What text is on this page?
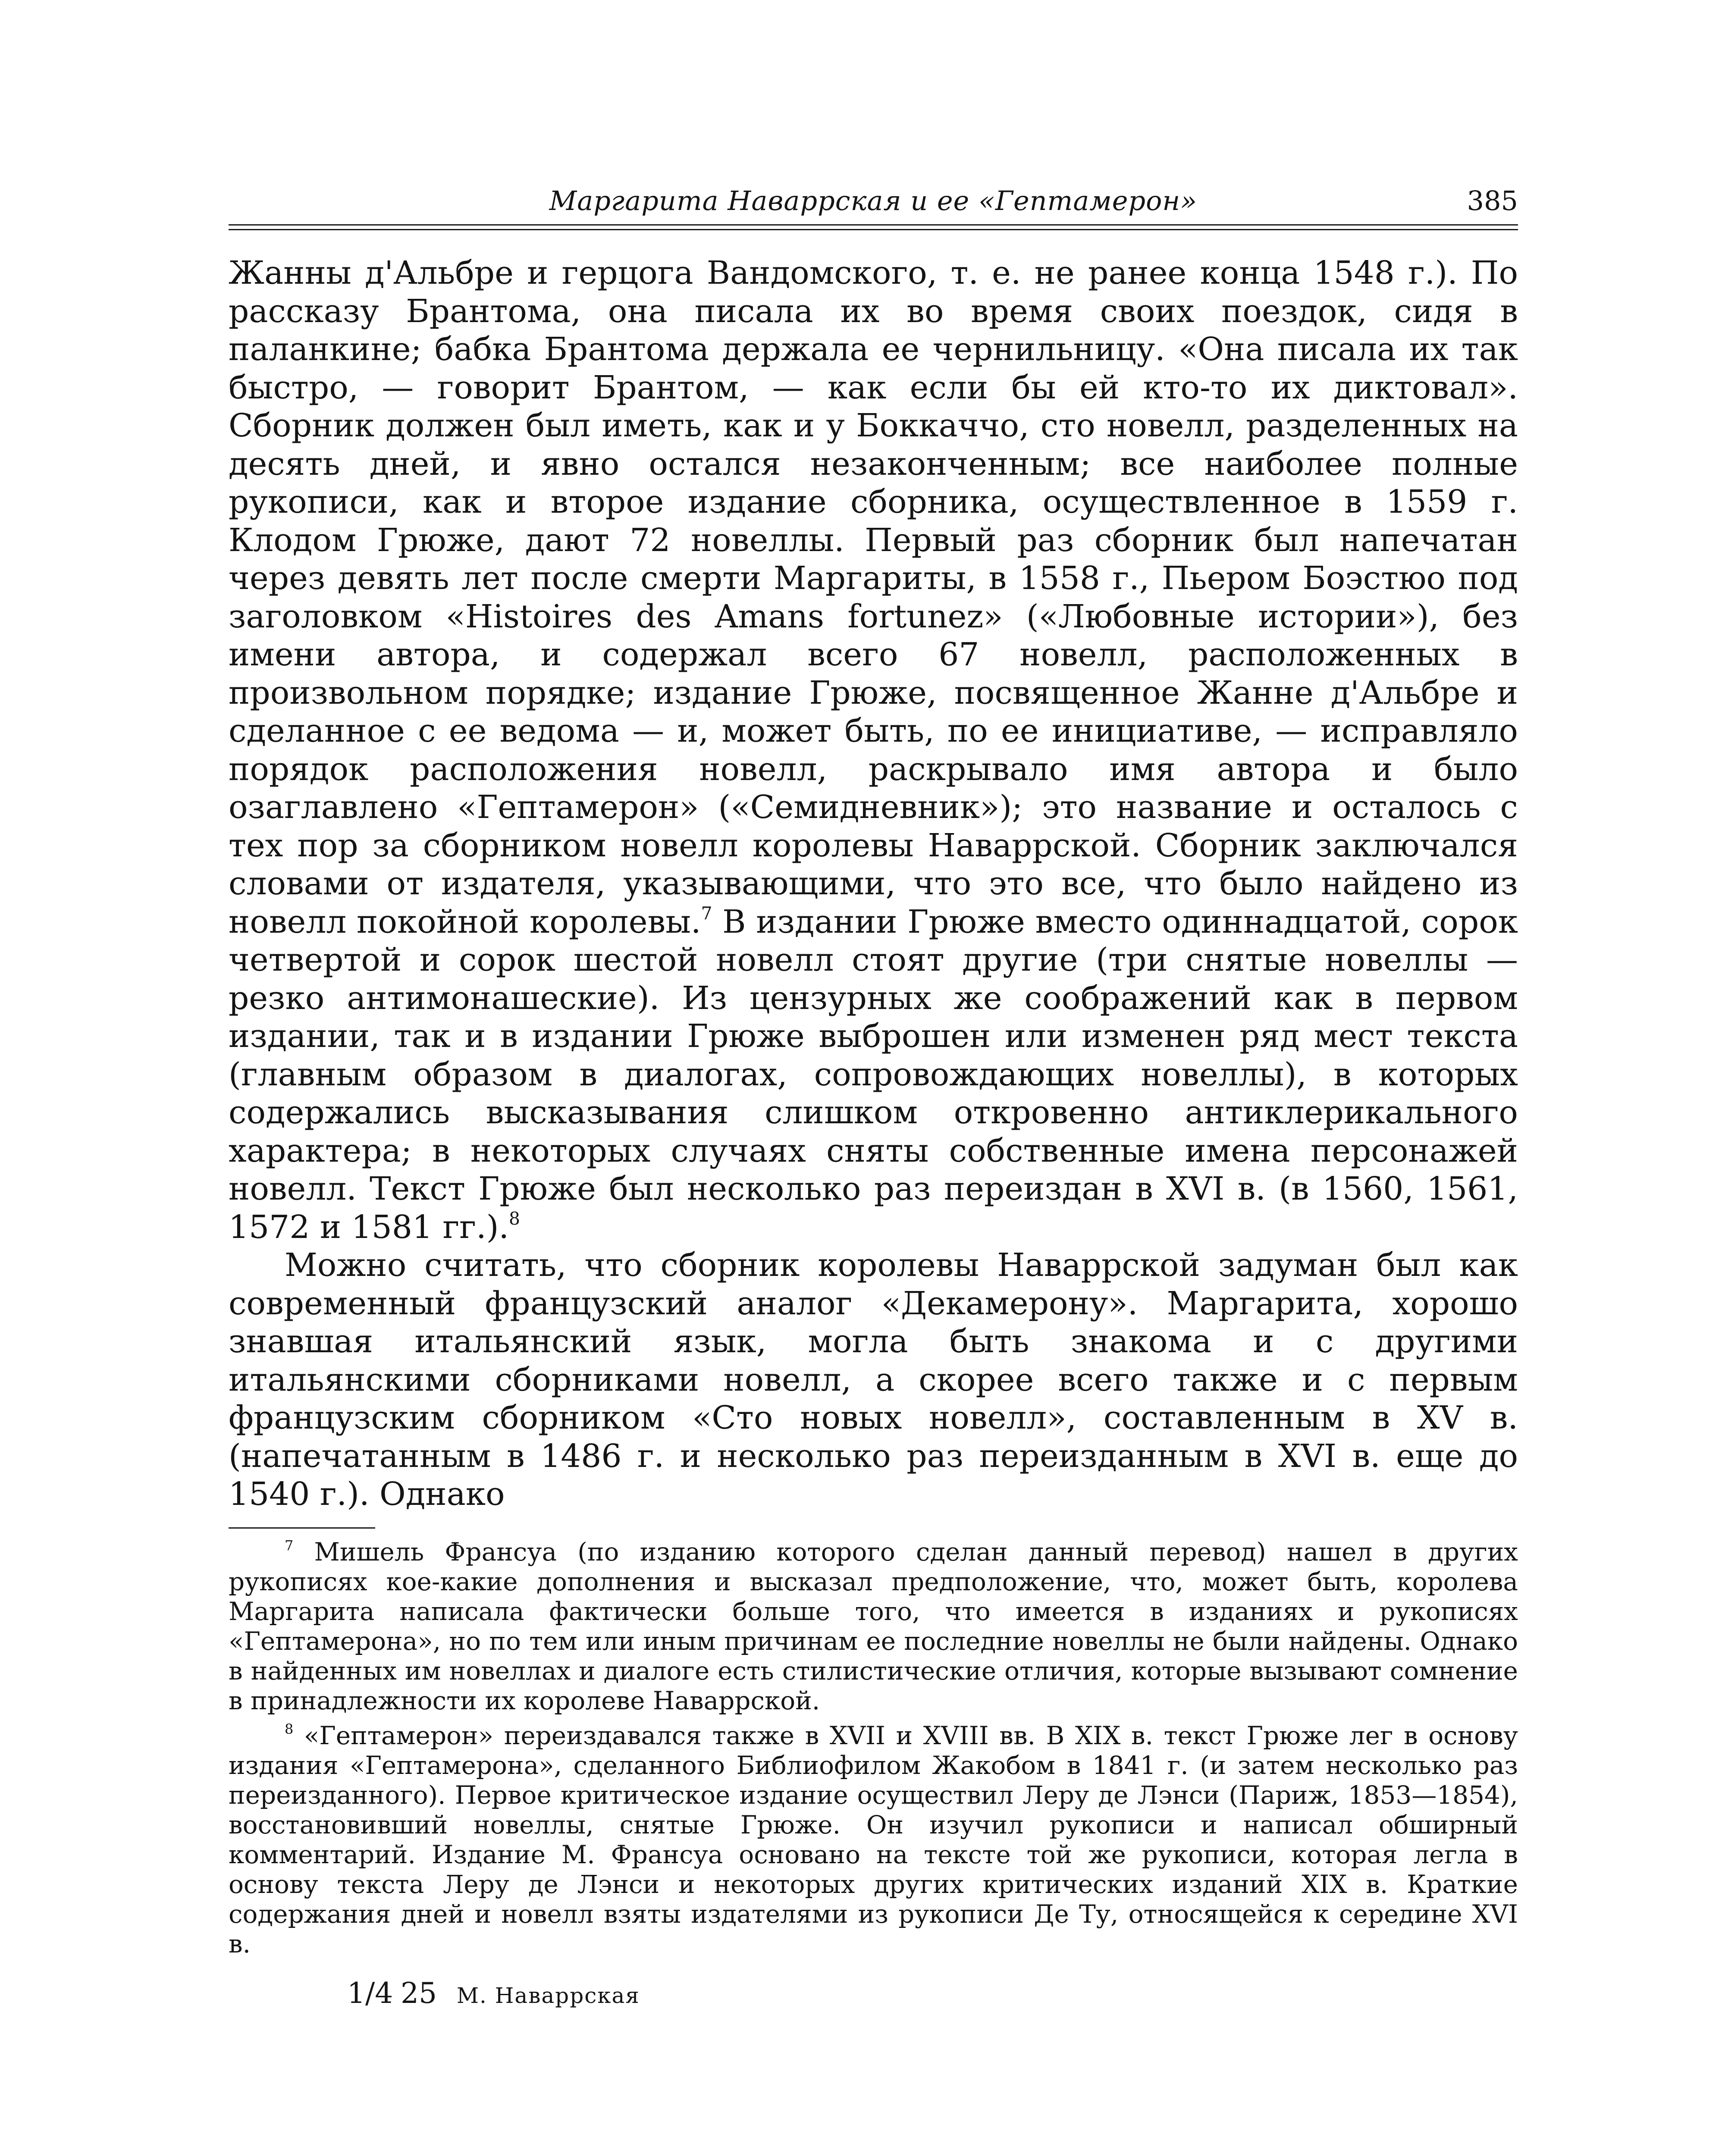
Маргарита Наваррская и ее «Гептамерон»	385

Жанны д'Альбре и герцога Вандомского, т. е. не ранее конца 1548 г.). По рассказу Брантома, она писала их во время своих поездок, сидя в паланкине; бабка Брантома держала ее чернильницу. «Она писала их так быстро, — говорит Брантом, — как если бы ей кто-то их диктовал». Сборник должен был иметь, как и у Боккаччо, сто новелл, разделенных на десять дней, и явно остался незаконченным; все наиболее полные рукописи, как и второе издание сборника, осуществленное в 1559 г. Клодом Грюже, дают 72 новеллы. Первый раз сборник был напечатан через девять лет после смерти Маргариты, в 1558 г., Пьером Боэстюо под заголовком «Histoires des Amans fortunez» («Любовные истории»), без имени автора, и содержал всего 67 новелл, расположенных в произвольном порядке; издание Грюже, посвященное Жанне д'Альбре и сделанное с ее ведома — и, может быть, по ее инициативе, — исправляло порядок расположения новелл, раскрывало имя автора и было озаглавлено «Гептамерон» («Семидневник»); это название и осталось с тех пор за сборником новелл королевы Наваррской. Сборник заключался словами от издателя, указывающими, что это все, что было найдено из новелл покойной королевы.$^7$ В издании Грюже вместо одиннадцатой, сорок четвертой и сорок шестой новелл стоят другие (три снятые новеллы — резко антимонашеские). Из цензурных же соображений как в первом издании, так и в издании Грюже выброшен или изменен ряд мест текста (главным образом в диалогах, сопровождающих новеллы), в которых содержались высказывания слишком откровенно антиклерикального характера; в некоторых случаях сняты собственные имена персонажей новелл. Текст Грюже был несколько раз переиздан в XVI в. (в 1560, 1561, 1572 и 1581 гг.).$^8$

Можно считать, что сборник королевы Наваррской задуман был как современный французский аналог «Декамерону». Маргарита, хорошо знавшая итальянский язык, могла быть знакома и с другими итальянскими сборниками новелл, а скорее всего также и с первым французским сборником «Сто новых новелл», составленным в XV в. (напечатанным в 1486 г. и несколько раз переизданным в XVI в. еще до 1540 г.). Однако

$^7$ Мишель Франсуа (по изданию которого сделан данный перевод) нашел в других рукописях кое-какие дополнения и высказал предположение, что, может быть, королева Маргарита написала фактически больше того, что имеется в изданиях и рукописях «Гептамерона», но по тем или иным причинам ее последние новеллы не были найдены. Однако в найденных им новеллах и диалоге есть стилистические отличия, которые вызывают сомнение в принадлежности их королеве Наваррской.

$^8$ «Гептамерон» переиздавался также в XVII и XVIII вв. В XIX в. текст Грюже лег в основу издания «Гептамерона», сделанного Библиофилом Жакобом в 1841 г. (и затем несколько раз переизданного). Первое критическое издание осуществил Леру де Лэнси (Париж, 1853—1854), восстановивший новеллы, снятые Грюже. Он изучил рукописи и написал обширный комментарий. Издание М. Франсуа основано на тексте той же рукописи, которая легла в основу текста Леру де Лэнси и некоторых других критических изданий XIX в. Краткие содержания дней и новелл взяты издателями из рукописи Де Ту, относящейся к середине XVI в.

1/4 25 М. Наваррская
